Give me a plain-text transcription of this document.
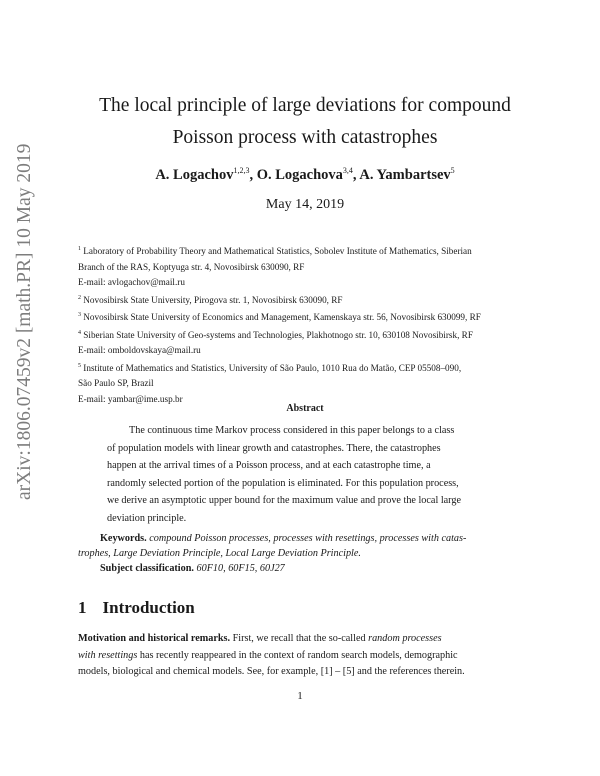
arXiv:1806.07459v2 [math.PR] 10 May 2019
The local principle of large deviations for compound
Poisson process with catastrophes
A. Logachov$^{1,2,3}$, O. Logachova$^{3,4}$, A. Yambartsev$^5$
May 14, 2019
$^1$ Laboratory of Probability Theory and Mathematical Statistics, Sobolev Institute of Mathematics, Siberian
Branch of the RAS, Koptyuga str. 4, Novosibirsk 630090, RF
E-mail: avlogachov@mail.ru
$^2$ Novosibirsk State University, Pirogova str. 1, Novosibirsk 630090, RF
$^3$ Novosibirsk State University of Economics and Management, Kamenskaya str. 56, Novosibirsk 630099, RF
$^4$ Siberian State University of Geo-systems and Technologies, Plakhotnogo str. 10, 630108 Novosibirsk, RF
E-mail: omboldovskaya@mail.ru
$^5$ Institute of Mathematics and Statistics, University of São Paulo, 1010 Rua do Matão, CEP 05508–090,
São Paulo SP, Brazil
E-mail: yambar@ime.usp.br
Abstract
The continuous time Markov process considered in this paper belongs to a class
of population models with linear growth and catastrophes. There, the catastrophes
happen at the arrival times of a Poisson process, and at each catastrophe time, a
randomly selected portion of the population is eliminated. For this population process,
we derive an asymptotic upper bound for the maximum value and prove the local large
deviation principle.
Keywords. compound Poisson processes, processes with resettings, processes with catas-
trophes, Large Deviation Principle, Local Large Deviation Principle.
Subject classification. 60F10, 60F15, 60J27
1 Introduction
Motivation and historical remarks. First, we recall that the so-called random processes
with resettings has recently reappeared in the context of random search models, demographic
models, biological and chemical models. See, for example, [1] – [5] and the references therein.
1
